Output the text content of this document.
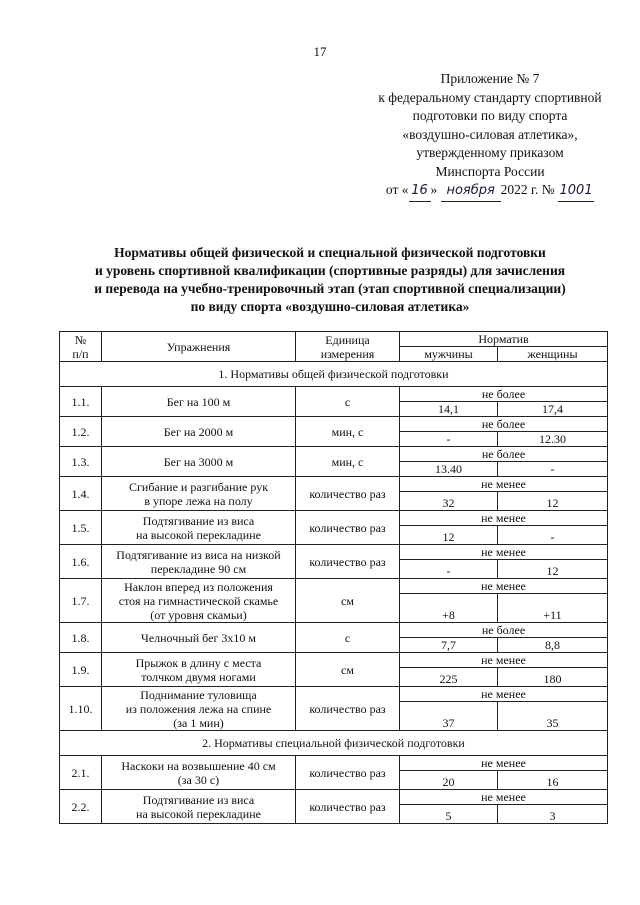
17
Приложение № 7
к федеральному стандарту спортивной
подготовки по виду спорта
«воздушно-силовая атлетика»,
утвержденному приказом
Минспорта России
от « 16 » ноября 2022 г. № 1001
Нормативы общей физической и специальной физической подготовки
и уровень спортивной квалификации (спортивные разряды) для зачисления
и перевода на учебно-тренировочный этап (этап спортивной специализации)
по виду спорта «воздушно-силовая атлетика»
№
п/п	Упражнения	Единица
измерения	Норматив	
			мужчины	женщины
1. Нормативы общей физической подготовки				
1.1.	Бег на 100 м	с	не более	
			14,1	17,4
1.2.	Бег на 2000 м	мин, с	не более	
			-	12.30
1.3.	Бег на 3000 м	мин, с	не более	
			13.40	-
1.4.	Сгибание и разгибание рук
в упоре лежа на полу	количество раз	не менее	
			32	12
1.5.	Подтягивание из виса
на высокой перекладине	количество раз	не менее	
			12	-
1.6.	Подтягивание из виса на низкой
перекладине 90 см	количество раз	не менее	
			-	12
1.7.	Наклон вперед из положения
стоя на гимнастической скамье
(от уровня скамьи)	см	не менее	
			+8	+11
1.8.	Челночный бег 3х10 м	с	не более	
			7,7	8,8
1.9.	Прыжок в длину с места
толчком двумя ногами	см	не менее	
			225	180
1.10.	Поднимание туловища
из положения лежа на спине
(за 1 мин)	количество раз	не менее	
			37	35
2. Нормативы специальной физической подготовки				
2.1.	Наскоки на возвышение 40 см
(за 30 с)	количество раз	не менее	
			20	16
2.2.	Подтягивание из виса
на высокой перекладине	количество раз	не менее	
			5	3
